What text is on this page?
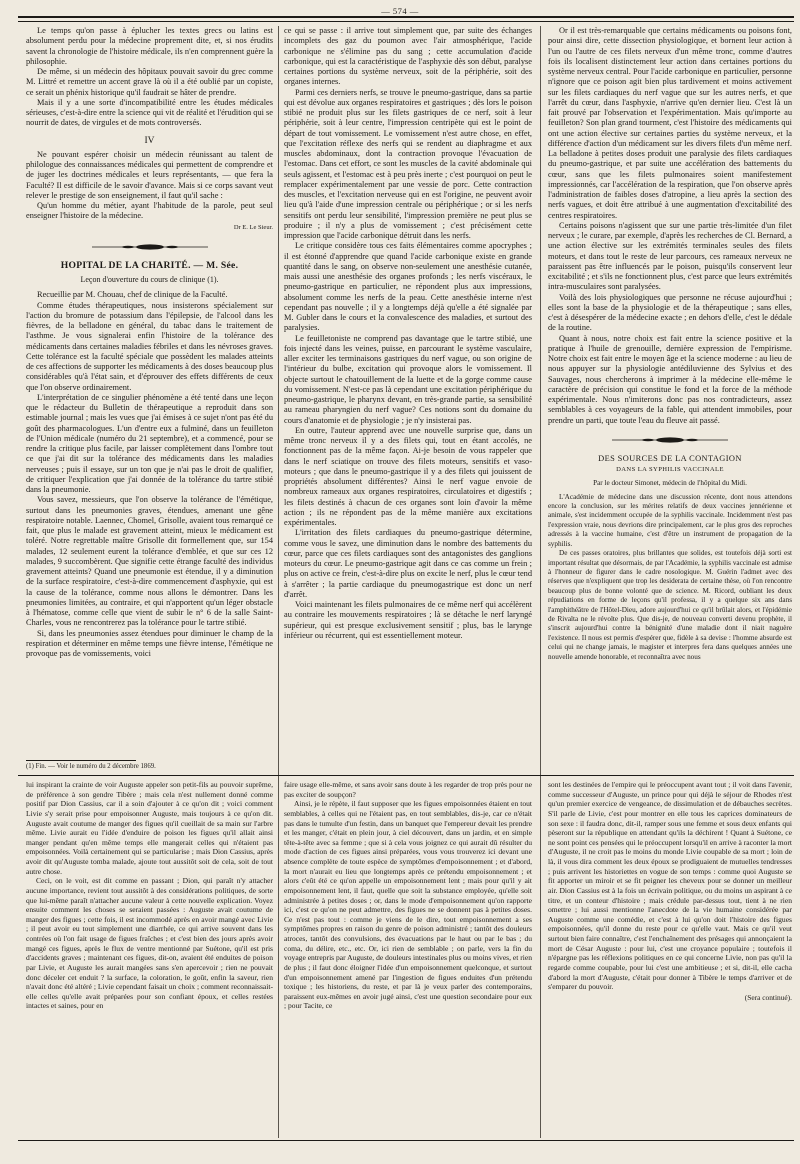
— 574 —

Le temps qu'on passe à éplucher les textes grecs ou latins est absolument perdu pour la médecine proprement dite, et, si nos érudits savent la chronologie de l'histoire médicale, ils n'en comprennent guère la philosophie.

De même, si un médecin des hôpitaux pouvait savoir du grec comme M. Littré et remettre un accent grave là où il a été oublié par un copiste, ce serait un phénix historique qu'il faudrait se hâter de prendre.

Mais il y a une sorte d'incompatibilité entre les études médicales sérieuses, c'est-à-dire entre la science qui vit de réalité et l'érudition qui se nourrit de dates, de virgules et de mots controversés.

IV

Ne pouvant espérer choisir un médecin réunissant au talent de philologue des connaissances médicales qui permettent de comprendre et de juger les doctrines médicales et leurs représentants, — que fera la Faculté? Il est difficile de le savoir d'avance. Mais si ce corps savant veut relever le prestige de son enseignement, il faut qu'il sache :

Qu'un homme du métier, ayant l'habitude de la parole, peut seul enseigner l'histoire de la médecine.

Dr E. Le Sieur.
HOPITAL DE LA CHARITÉ. — M. Sée.
Leçon d'ouverture du cours de clinique (1).

Recueillie par M. Chouau, chef de clinique de la Faculté.

Comme études thérapeutiques, nous insisterons spécialement sur l'action du bromure de potassium dans l'épilepsie, de l'alcool dans les fièvres, de la belladone en général, du tabac dans le traitement de l'asthme. Je vous signalerai enfin l'histoire de la tolérance des médicaments dans certaines maladies fébriles et dans les névroses graves. Cette tolérance est la faculté spéciale que possèdent les malades atteints de ces affections de supporter les médicaments à des doses beaucoup plus considérables qu'à l'état sain, et d'éprouver des effets différents de ceux que l'on observe ordinairement.

L'interprétation de ce singulier phénomène a été tenté dans une leçon que le rédacteur du Bulletin de thérapeutique a reproduit dans son estimable journal ; mais les vues que j'ai émises à ce sujet n'ont pas été du goût des pharmacologues. L'un d'entre eux a fulminé, dans un feuilleton de l'Union médicale (numéro du 21 septembre), et a commencé, pour se rendre la critique plus facile, par laisser complètement dans l'ombre tout ce que j'ai dit sur la tolérance des médicaments dans les maladies nerveuses ; puis il essaye, sur un ton que je n'ai pas le droit de qualifier, de critiquer l'explication que j'ai donnée de la tolérance du tartre stibié dans la pneumonie.

Vous savez, messieurs, que l'on observe la tolérance de l'émétique, surtout dans les pneumonies graves, étendues, amenant une gêne respiratoire notable. Laennec, Chomel, Grisolle, avaient tous remarqué ce fait, que plus le malade est gravement atteint, mieux le médicament est toléré. Notre regrettable maître Grisolle dit formellement que, sur 154 malades, 12 seulement eurent la tolérance d'emblée, et que sur ces 12 malades, 9 succombèrent. Que signifie cette étrange faculté des individus gravement atteints? Quand une pneumonie est étendue, il y a diminution de la surface respiratoire, c'est-à-dire commencement d'asphyxie, qui est la cause de la tolérance, comme nous allons le démontrer. Dans les pneumonies limitées, au contraire, et qui n'apportent qu'un léger obstacle à l'hématose, comme celle que vient de subir le n° 6 de la salle Saint-Charles, vous ne rencontrerez pas la tolérance pour le tartre stibié.

Si, dans les pneumonies assez étendues pour diminuer le champ de la respiration et déterminer en même temps une fièvre intense, l'émétique ne provoque pas de vomissements, voici

ce qui se passe : il arrive tout simplement que, par suite des échanges incomplets des gaz du poumon avec l'air atmosphérique, l'acide carbonique ne s'élimine pas du sang ; cette accumulation d'acide carbonique, qui est la caractéristique de l'asphyxie dès son début, paralyse certaines portions du système nerveux, soit de la périphérie, soit des organes internes.

Parmi ces derniers nerfs, se trouve le pneumo-gastrique, dans sa partie qui est dévolue aux organes respiratoires et gastriques ; dès lors le poison stibié ne produit plus sur les filets gastriques de ce nerf, soit à leur périphérie, soit à leur centre, l'impression centripète qui est le point de départ de tout vomissement. Le vomissement n'est autre chose, en effet, que l'excitation réflexe des nerfs qui se rendent au diaphragme et aux muscles abdominaux, dont la contraction provoque l'évacuation de l'estomac. Dans cet effort, ce sont les muscles de la cavité abdominale qui seuls agissent, et l'estomac est à peu près inerte ; c'est pourquoi on peut le remplacer expérimentalement par une vessie de porc. Cette contraction des muscles, et l'excitation nerveuse qui en est l'origine, ne peuvent avoir lieu qu'à l'aide d'une impression centrale ou périphérique ; or si les nerfs sensitifs ont perdu leur sensibilité, l'impression première ne peut plus se produire ; il n'y a plus de vomissement ; c'est précisément cette impression que l'acide carbonique détruit dans les nerfs.

Le critique considère tous ces faits élémentaires comme apocryphes ; il est étonné d'apprendre que quand l'acide carbonique existe en grande quantité dans le sang, on observe non-seulement une anesthésie cutanée, mais aussi une anesthésie des organes profonds ; les nerfs viscéraux, le pneumo-gastrique en particulier, ne répondent plus aux impressions, absolument comme les nerfs de la peau. Cette anesthésie interne n'est cependant pas nouvelle ; il y a longtemps déjà qu'elle a été signalée par M. Gubler dans le cours et la convalescence des maladies, et surtout des paralysies.

Le feuilletoniste ne comprend pas davantage que le tartre stibié, une fois injecté dans les veines, puisse, en parcourant le système vasculaire, aller exciter les terminaisons gastriques du nerf vague, ou son origine de l'intérieur du bulbe, excitation qui provoque alors le vomissement. Il objecte surtout le chatouillement de la luette et de la gorge comme cause du vomissement. N'est-ce pas là cependant une excitation périphérique du pneumo-gastrique, le pharynx devant, en très-grande partie, sa sensibilité au rameau pharyngien du nerf vague? Ces notions sont du domaine du cours d'anatomie et de physiologie ; je n'y insisterai pas.

En outre, l'auteur apprend avec une nouvelle surprise que, dans un même tronc nerveux il y a des filets qui, tout en étant accolés, ne fonctionnent pas de la même façon. Ai-je besoin de vous rappeler que dans le nerf sciatique on trouve des filets moteurs, sensitifs et vaso-moteurs ; que dans le pneumo-gastrique il y a des filets qui jouissent de propriétés absolument différentes? Ainsi le nerf vague envoie de nombreux rameaux aux organes respiratoires, circulatoires et digestifs ; les filets destinés à chacun de ces organes sont loin d'avoir la même action ; ils ne répondent pas de la même manière aux excitations expérimentales.

L'irritation des filets cardiaques du pneumo-gastrique détermine, comme vous le savez, une diminution dans le nombre des battements du cœur, parce que ces filets cardiaques sont des antagonistes des ganglions moteurs du cœur. Le pneumo-gastrique agit dans ce cas comme un frein ; plus on active ce frein, c'est-à-dire plus on excite le nerf, plus le cœur tend à s'arrêter ; la partie cardiaque du pneumogastrique est donc un nerf d'arrêt.

Voici maintenant les filets pulmonaires de ce même nerf qui accélèrent au contraire les mouvements respiratoires ; là se détache le nerf laryngé supérieur, qui est presque exclusivement sensitif ; plus, bas le larynge inférieur ou récurrent, qui est essentiellement moteur.

Or il est très-remarquable que certains médicaments ou poisons font, pour ainsi dire, cette dissection physiologique, et bornent leur action à l'un ou l'autre de ces filets nerveux d'un même tronc, comme d'autres fois ils localisent distinctement leur action dans certaines portions du système nerveux central. Pour l'acide carbonique en particulier, personne n'ignore que ce poison agit bien plus tardivement et moins activement sur les filets cardiaques du nerf vague que sur les autres nerfs, et que l'arrêt du cœur, dans l'asphyxie, n'arrive qu'en dernier lieu. C'est là un fait prouvé par l'observation et l'expérimentation. Mais qu'importe au feuilleton? Son plan grand tourment, c'est l'histoire des médicaments qui ont une action élective sur certaines parties du système nerveux, et la différence d'action d'un médicament sur les divers filets d'un même nerf. La belladone à petites doses produit une paralysie des filets cardiaques du pneumo-gastrique, et par suite une accélération des battements du cœur, sans que les filets pulmonaires soient manifestement impressionnés, car l'accélération de la respiration, que l'on observe après l'administration de faibles doses d'atropine, a lieu après la section des nerfs vagues, et doit être attribué à une augmentation d'excitabilité des centres respiratoires.

Certains poisons n'agissent que sur une partie très-limitée d'un filet nerveux ; le curare, par exemple, d'après les recherches de Cl. Bernard, a une action élective sur les extrémités terminales seules des filets moteurs, et dans tout le reste de leur parcours, ces rameaux nerveux ne paraissent pas être influencés par le poison, puisqu'ils conservent leur excitabilité ; et s'ils ne fonctionnent plus, c'est parce que leurs extrémités intra-musculaires sont paralysées.

Voilà des lois physiologiques que personne ne récuse aujourd'hui ; elles sont la base de la physiologie et de la thérapeutique ; sans elles, c'est à désespérer de la médecine exacte ; en dehors d'elle, c'est le dédale de la routine.

Quant à nous, notre choix est fait entre la science positive et la pratique à l'huile de grenouille, dernière expression de l'empirisme. Notre choix est fait entre le moyen âge et la science moderne : au lieu de nous appuyer sur la physiologie antédiluvienne des Sylvius et des Sauvages, nous chercherons à imprimer à la médecine elle-même le caractère de précision qui constitue le fond et la force de la méthode expérimentale. Nous n'imiterons donc pas nos contradicteurs, assez semblables à ces voyageurs de la fable, qui attendent immobiles, pour prendre un parti, que toute l'eau du fleuve ait passé.

DES SOURCES DE LA CONTAGION
DANS LA SYPHILIS VACCINALE

Par le docteur Simonet, médecin de l'hôpital du Midi.

L'Académie de médecine dans une discussion récente, dont nous attendons encore la conclusion, sur les mérites relatifs de deux vaccines jennérienne et animale, s'est incidemment occupée de la syphilis vaccinale. Incidemment n'est pas l'expression vraie, nous devrions dire principalement, car le plus gros des reproches adressés à la vaccine humaine, c'est d'être un instrument de propagation de la syphilis.

De ces passes oratoires, plus brillantes que solides, est toutefois déjà sorti est important résultat que désormais, de par l'Académie, la syphilis vaccinale est admise à l'honneur de figurer dans le cadre nosologique. M. Guérin l'admet avec des réserves que n'expliquent que trop les desiderata de certaine thèse, où l'on rencontre beaucoup plus de bonne volonté que de science. M. Ricord, oubliant les deux répudiations en forme de leçons qu'il professa, il y a quelque six ans dans l'amphithéâtre de l'Hôtel-Dieu, adore aujourd'hui ce qu'il brûlait alors, et l'épidémie de Rivalta ne le révolte plus. Que dis-je, de nouveau converti devenu prophète, il s'inscrit aujourd'hui contre la bénignité d'une maladie dont il niait naguère l'existence. Il nous est permis d'espérer que, fidèle à sa devise : l'homme absurde est celui qui ne change jamais, le magister et interpres fera dans quelques années une nouvelle amende honorable, et reconnaîtra avec nous

(1) Fin. — Voir le numéro du 2 décembre 1869.

lui inspirant la crainte de voir Auguste appeler son petit-fils au pouvoir suprême, de préférence à son gendre Tibère ; mais cela n'est nullement donné comme positif par Dion Cassius, car il a soin d'ajouter à ce qu'on dit ; voici comment Livie s'y serait prise pour empoisonner Auguste, mais toujours à ce qu'on dit. Auguste avait coutume de manger des figues qu'il cueillait de sa main sur l'arbre même. Livie aurait eu l'idée d'enduire de poison les figues qu'il allait ainsi manger pendant qu'en même temps elle mangerait celles qui n'étaient pas empoisonnées. Voilà certainement qui se particularise ; mais Dion Cassius, après avoir dit qu'Auguste tomba malade, ajoute tout aussitôt soit de cela, soit de tout autre chose.

Ceci, on le voit, est dit comme en passant ; Dion, qui paraît n'y attacher aucune importance, revient tout aussitôt à des considérations politiques, de sorte que lui-même paraît n'attacher aucune valeur à cette nouvelle explication. Voyez ensuite comment les choses se seraient passées : Auguste avait coutume de manger des figues ; cette fois, il est incommodé après en avoir mangé avec Livie ; il peut avoir eu tout simplement une diarrhée, ce qui arrive souvent dans les contrées où l'on fait usage de figues fraîches ; et c'est bien des jours après avoir mangé ces figues, après le flux de ventre mentionné par Suétone, qu'il est pris d'accidents graves ; maintenant ces figues, dit-on, avaient été enduites de poison par Livie, et Auguste les aurait mangées sans s'en apercevoir ; rien ne pouvait donc déceler cet enduit ? la surface, la coloration, le goût, enfin la saveur, rien n'avait donc été altéré ; Livie cependant faisait un choix ; comment reconnaissait-elle celles qu'elle avait préparées pour son confiant époux, et celles restées intactes et saines, pour en

faire usage elle-même, et sans avoir sans doute à les regarder de trop près pour ne pas exciter de soupçon?

Ainsi, je le répète, il faut supposer que les figues empoisonnées étaient en tout semblables, à celles qui ne l'étaient pas, en tout semblables, dis-je, car ce n'était pas dans le tumulte d'un festin, dans un banquet que l'empereur devait les prendre et les manger, c'était en plein jour, à ciel découvert, dans un jardin, et en simple tête-à-tête avec sa femme ; que si à cela vous joignez ce qui aurait dû résulter du mode d'action de ces figues ainsi préparées, vous vous trouverez ici devant une absence complète de toute espèce de symptômes d'empoisonnement ; et d'abord, la mort n'aurait eu lieu que longtemps après ce prétendu empoisonnement ; et alors c'eût été ce qu'on appelle un empoisonnement lent ; mais pour qu'il y ait empoisonnement lent, il faut, quelle que soit la substance employée, qu'elle soit administrée à petites doses ; or, dans le mode d'empoisonnement qu'on rapporte ici, c'est ce qu'on ne peut admettre, des figues ne se donnent pas à petites doses. Ce n'est pas tout : comme je viens de le dire, tout empoisonnement a ses symptômes propres en raison du genre de poison administré ; tantôt des douleurs atroces, tantôt des convulsions, des évacuations par le haut ou par le bas ; du coma, du délire, etc., etc. Or, ici rien de semblable ; on parle, vers la fin du voyage entrepris par Auguste, de douleurs intestinales plus ou moins vives, et rien de plus ; il faut donc éloigner l'idée d'un empoisonnement quelconque, et surtout d'un empoisonnement amené par l'ingestion de figues enduites d'un prétendu toxique ; les historiens, du reste, et par là je veux parler des contemporains, paraissent eux-mêmes en avoir jugé ainsi, c'est une question secondaire pour eux ; pour Tacite, ce

sont les destinées de l'empire qui le préoccupent avant tout ; il voit dans l'avenir, comme successeur d'Auguste, un prince pour qui déjà le séjour de Rhodes n'est qu'un premier exercice de vengeance, de dissimulation et de débauches secrètes. S'il parle de Livie, c'est pour montrer en elle tous les caprices dominateurs de son sexe : il faudra donc, dit-il, ramper sous une femme et sous deux enfants qui pèseront sur la république en attendant qu'ils la déchirent ! Quant à Suétone, ce ne sont point ces pensées qui le préoccupent lorsqu'il en arrive à raconter la mort d'Auguste, il ne croit pas le moins du monde Livie coupable de sa mort ; loin de là, il vous dira comment les deux époux se prodiguaient de mutuelles tendresses ; puis arrivent les historiettes en vogue de son temps : comme quoi Auguste se fit apporter un miroir et se fit peigner les cheveux pour se donner un meilleur air. Dion Cassius est à la fois un écrivain politique, ou du moins un aspirant à ce titre, et un conteur d'histoire ; mais crédule par-dessus tout, tient à ne rien omettre ; lui aussi mentionne l'anecdote de la vie humaine considérée par Auguste comme une comédie, et c'est à lui qu'on doit l'histoire des figues empoisonnées, qu'il donne du reste pour ce qu'elle vaut. Mais ce qu'il veut surtout bien faire connaître, c'est l'enchaînement des présages qui annonçaient la mort de César Auguste : pour lui, c'est une croyance populaire ; toutefois il n'épargne pas les réflexions politiques en ce qui concerne Livie, non pas qu'il la regarde comme coupable, pour lui c'est une ambitieuse ; et si, dit-il, elle cacha d'abord la mort d'Auguste, c'était pour donner à Tibère le temps d'arriver et de s'emparer du pouvoir.

(Sera continué).
